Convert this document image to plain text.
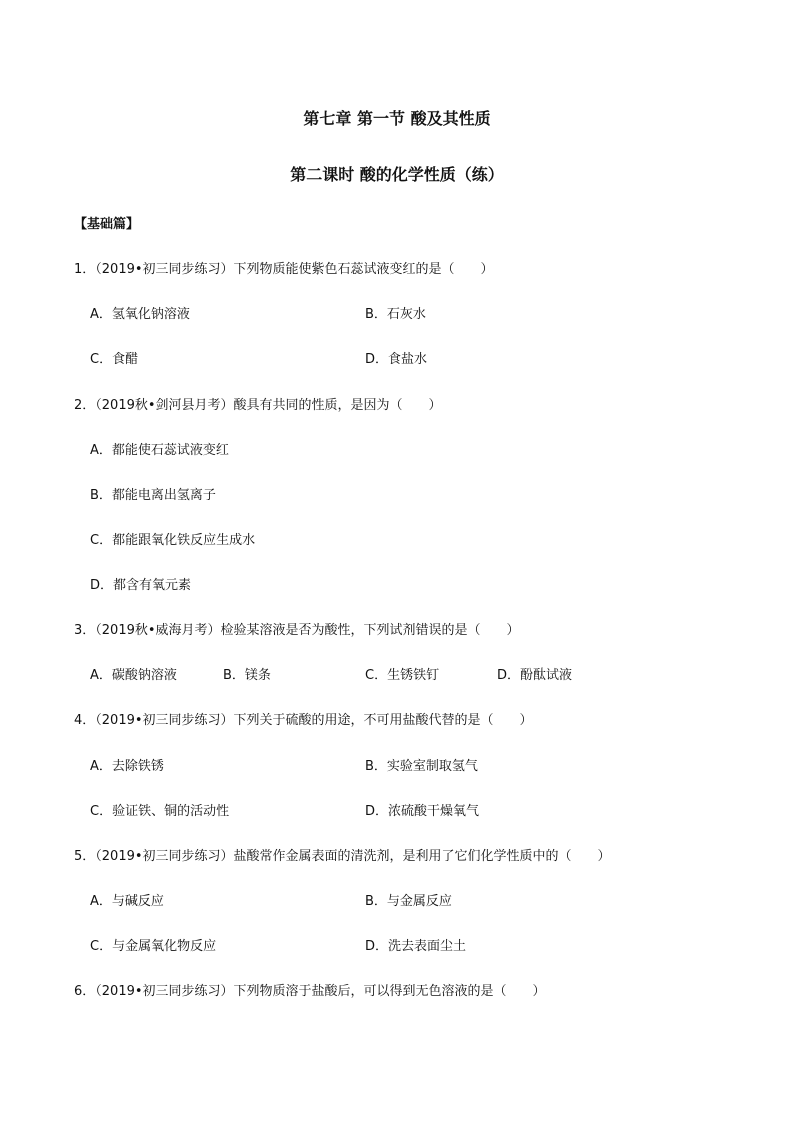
第七章 第一节 酸及其性质
第二课时 酸的化学性质（练）
【基础篇】
1．（2019•初三同步练习）下列物质能使紫色石蕊试液变红的是（　　）
A．氢氧化钠溶液	B．石灰水
C．食醋	D．食盐水
2．（2019秋•剑河县月考）酸具有共同的性质，是因为（　　）
A．都能使石蕊试液变红
B．都能电离出氢离子
C．都能跟氧化铁反应生成水
D．都含有氧元素
3．（2019秋•威海月考）检验某溶液是否为酸性，下列试剂错误的是（　　）
A．碳酸钠溶液	B．镁条	C．生锈铁钉	D．酚酞试液
4．（2019•初三同步练习）下列关于硫酸的用途，不可用盐酸代替的是（　　）
A．去除铁锈	B．实验室制取氢气
C．验证铁、铜的活动性	D．浓硫酸干燥氧气
5．（2019•初三同步练习）盐酸常作金属表面的清洗剂，是利用了它们化学性质中的（　　）
A．与碱反应	B．与金属反应
C．与金属氧化物反应	D．洗去表面尘土
6．（2019•初三同步练习）下列物质溶于盐酸后，可以得到无色溶液的是（　　）
